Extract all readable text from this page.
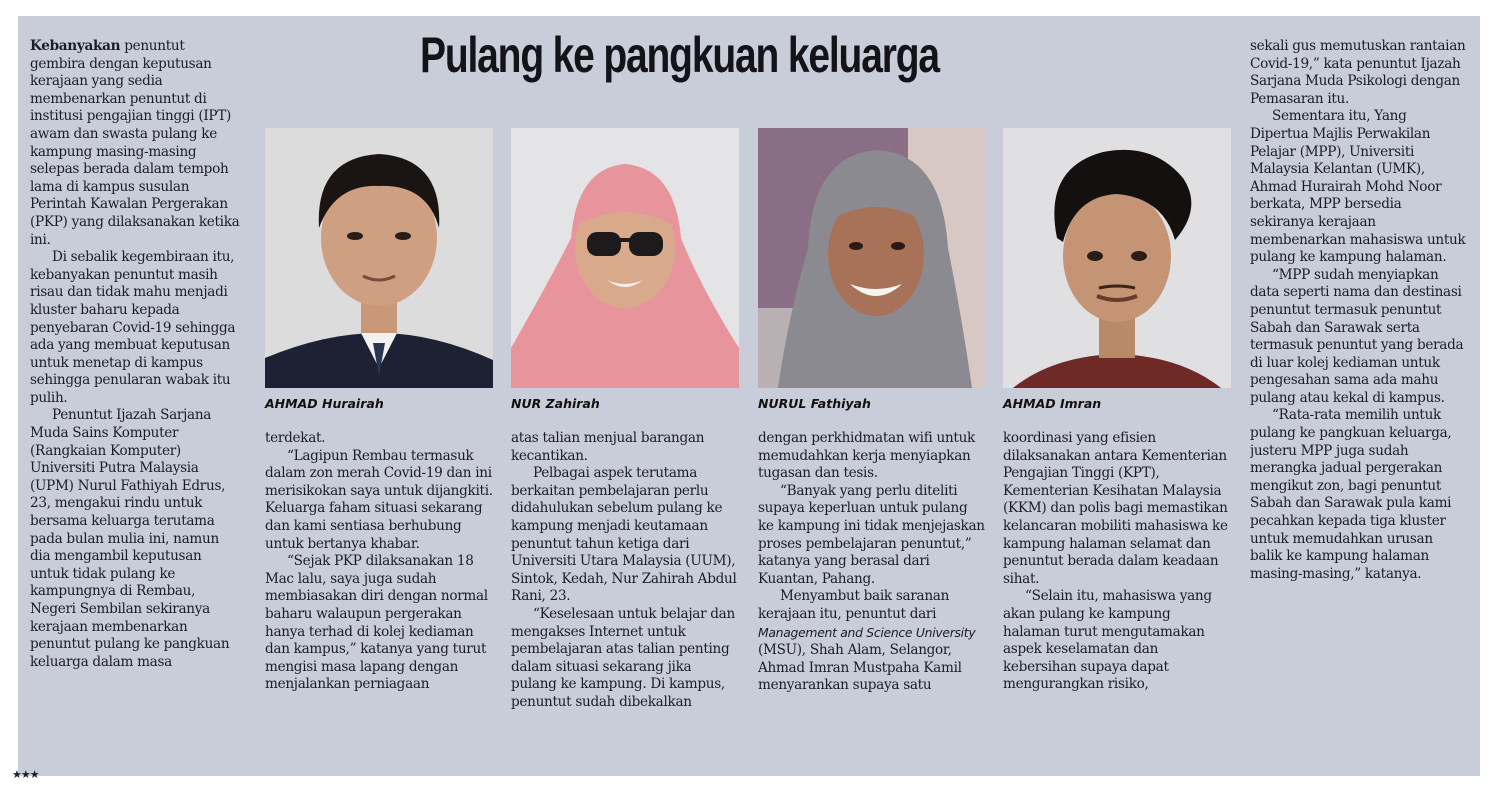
Pulang ke pangkuan keluarga

Kebanyakan penuntut gembira dengan keputusan kerajaan yang sedia membenarkan penuntut di institusi pengajian tinggi (IPT) awam dan swasta pulang ke kampung masing-masing selepas berada dalam tempoh lama di kampus susulan Perintah Kawalan Pergerakan (PKP) yang dilaksanakan ketika ini.

Di sebalik kegembiraan itu, kebanyakan penuntut masih risau dan tidak mahu menjadi kluster baharu kepada penyebaran Covid-19 sehingga ada yang membuat keputusan untuk menetap di kampus sehingga penularan wabak itu pulih.

Penuntut Ijazah Sarjana Muda Sains Komputer (Rangkaian Komputer) Universiti Putra Malaysia (UPM) Nurul Fathiyah Edrus, 23, mengakui rindu untuk bersama keluarga terutama pada bulan mulia ini, namun dia mengambil keputusan untuk tidak pulang ke kampungnya di Rembau, Negeri Sembilan sekiranya kerajaan membenarkan penuntut pulang ke pangkuan keluarga dalam masa

AHMAD Hurairah	NUR Zahirah	NURUL Fathiyah	AHMAD Imran

terdekat.

“Lagipun Rembau termasuk dalam zon merah Covid-19 dan ini merisikokan saya untuk dijangkiti. Keluarga faham situasi sekarang dan kami sentiasa berhubung untuk bertanya khabar.

“Sejak PKP dilaksanakan 18 Mac lalu, saya juga sudah membiasakan diri dengan normal baharu walaupun pergerakan hanya terhad di kolej kediaman dan kampus,” katanya yang turut mengisi masa lapang dengan menjalankan perniagaan

atas talian menjual barangan kecantikan.

Pelbagai aspek terutama berkaitan pembelajaran perlu didahulukan sebelum pulang ke kampung menjadi keutamaan penuntut tahun ketiga dari Universiti Utara Malaysia (UUM), Sintok, Kedah, Nur Zahirah Abdul Rani, 23.

“Keselesaan untuk belajar dan mengakses Internet untuk pembelajaran atas talian penting dalam situasi sekarang jika pulang ke kampung. Di kampus, penuntut sudah dibekalkan

dengan perkhidmatan wifi untuk memudahkan kerja menyiapkan tugasan dan tesis.

“Banyak yang perlu diteliti supaya keperluan untuk pulang ke kampung ini tidak menjejaskan proses pembelajaran penuntut,” katanya yang berasal dari Kuantan, Pahang.

Menyambut baik saranan kerajaan itu, penuntut dari Management and Science University (MSU), Shah Alam, Selangor, Ahmad Imran Mustpaha Kamil menyarankan supaya satu

koordinasi yang efisien dilaksanakan antara Kementerian Pengajian Tinggi (KPT), Kementerian Kesihatan Malaysia (KKM) dan polis bagi memastikan kelancaran mobiliti mahasiswa ke kampung halaman selamat dan penuntut berada dalam keadaan sihat.

“Selain itu, mahasiswa yang akan pulang ke kampung halaman turut mengutamakan aspek keselamatan dan kebersihan supaya dapat mengurangkan risiko,

sekali gus memutuskan rantaian Covid-19,” kata penuntut Ijazah Sarjana Muda Psikologi dengan Pemasaran itu.

Sementara itu, Yang Dipertua Majlis Perwakilan Pelajar (MPP), Universiti Malaysia Kelantan (UMK), Ahmad Hurairah Mohd Noor berkata, MPP bersedia sekiranya kerajaan membenarkan mahasiswa untuk pulang ke kampung halaman.

“MPP sudah menyiapkan data seperti nama dan destinasi penuntut termasuk penuntut Sabah dan Sarawak serta termasuk penuntut yang berada di luar kolej kediaman untuk pengesahan sama ada mahu pulang atau kekal di kampus.

“Rata-rata memilih untuk pulang ke pangkuan keluarga, justeru MPP juga sudah merangka jadual pergerakan mengikut zon, bagi penuntut Sabah dan Sarawak pula kami pecahkan kepada tiga kluster untuk memudahkan urusan balik ke kampung halaman masing-masing,” katanya.

★★★
